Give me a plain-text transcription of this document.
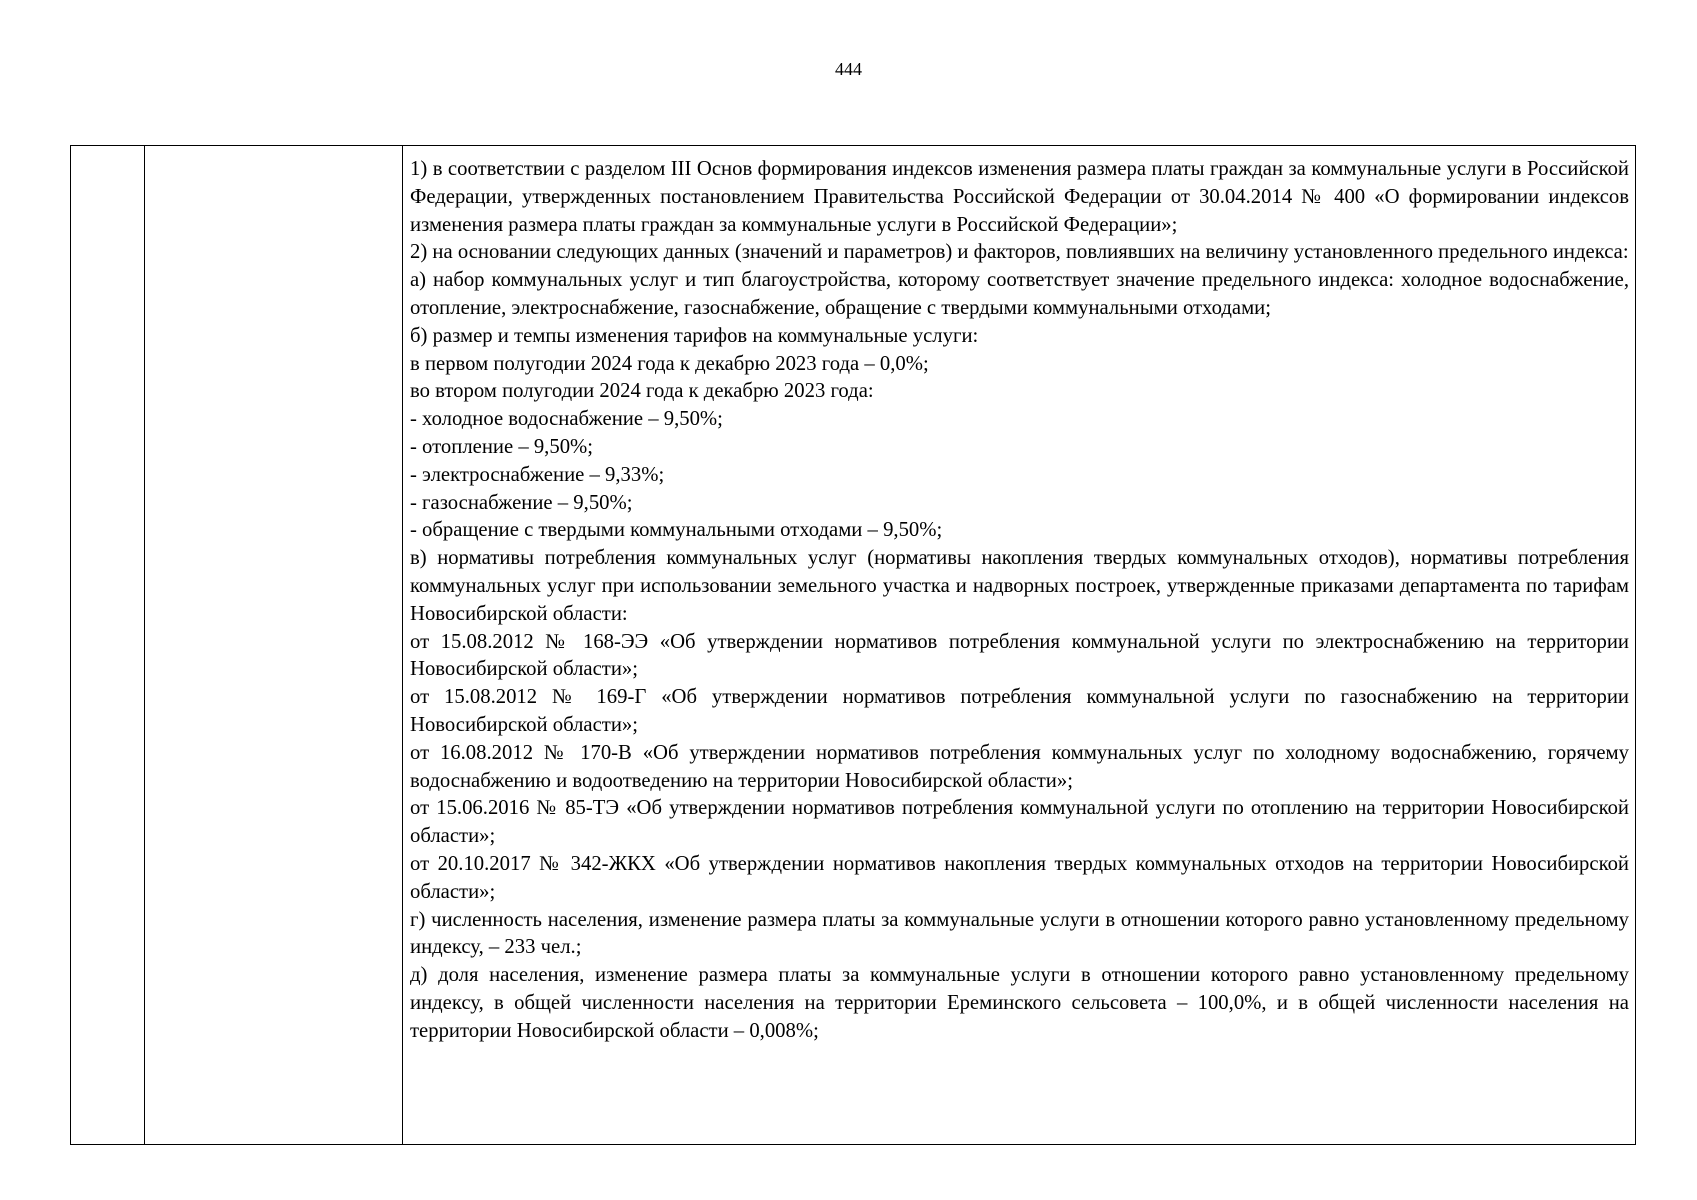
444

1) в соответствии с разделом III Основ формирования индексов изменения размера платы граждан за коммунальные услуги в Российской Федерации, утвержденных постановлением Правительства Российской Федерации от 30.04.2014 № 400 «О формировании индексов изменения размера платы граждан за коммунальные услуги в Российской Федерации»;

2) на основании следующих данных (значений и параметров) и факторов, повлиявших на величину установленного предельного индекса:

а) набор коммунальных услуг и тип благоустройства, которому соответствует значение предельного индекса: холодное водоснабжение, отопление, электроснабжение, газоснабжение, обращение с твердыми коммунальными отходами;

б) размер и темпы изменения тарифов на коммунальные услуги:

в первом полугодии 2024 года к декабрю 2023 года – 0,0%;

во втором полугодии 2024 года к декабрю 2023 года:

- холодное водоснабжение – 9,50%;

- отопление – 9,50%;

- электроснабжение – 9,33%;

- газоснабжение – 9,50%;

- обращение с твердыми коммунальными отходами – 9,50%;

в) нормативы потребления коммунальных услуг (нормативы накопления твердых коммунальных отходов), нормативы потребления коммунальных услуг при использовании земельного участка и надворных построек, утвержденные приказами департамента по тарифам Новосибирской области:

от 15.08.2012 № 168-ЭЭ «Об утверждении нормативов потребления коммунальной услуги по электроснабжению на территории Новосибирской области»;

от 15.08.2012 № 169-Г «Об утверждении нормативов потребления коммунальной услуги по газоснабжению на территории Новосибирской области»;

от 16.08.2012 № 170-В «Об утверждении нормативов потребления коммунальных услуг по холодному водоснабжению, горячему водоснабжению и водоотведению на территории Новосибирской области»;

от 15.06.2016 № 85-ТЭ «Об утверждении нормативов потребления коммунальной услуги по отоплению на территории Новосибирской области»;

от 20.10.2017 № 342-ЖКХ «Об утверждении нормативов накопления твердых коммунальных отходов на территории Новосибирской области»;

г) численность населения, изменение размера платы за коммунальные услуги в отношении которого равно установленному предельному индексу, – 233 чел.;

д) доля населения, изменение размера платы за коммунальные услуги в отношении которого равно установленному предельному индексу, в общей численности населения на территории Ереминского сельсовета – 100,0%, и в общей численности населения на территории Новосибирской области – 0,008%;
